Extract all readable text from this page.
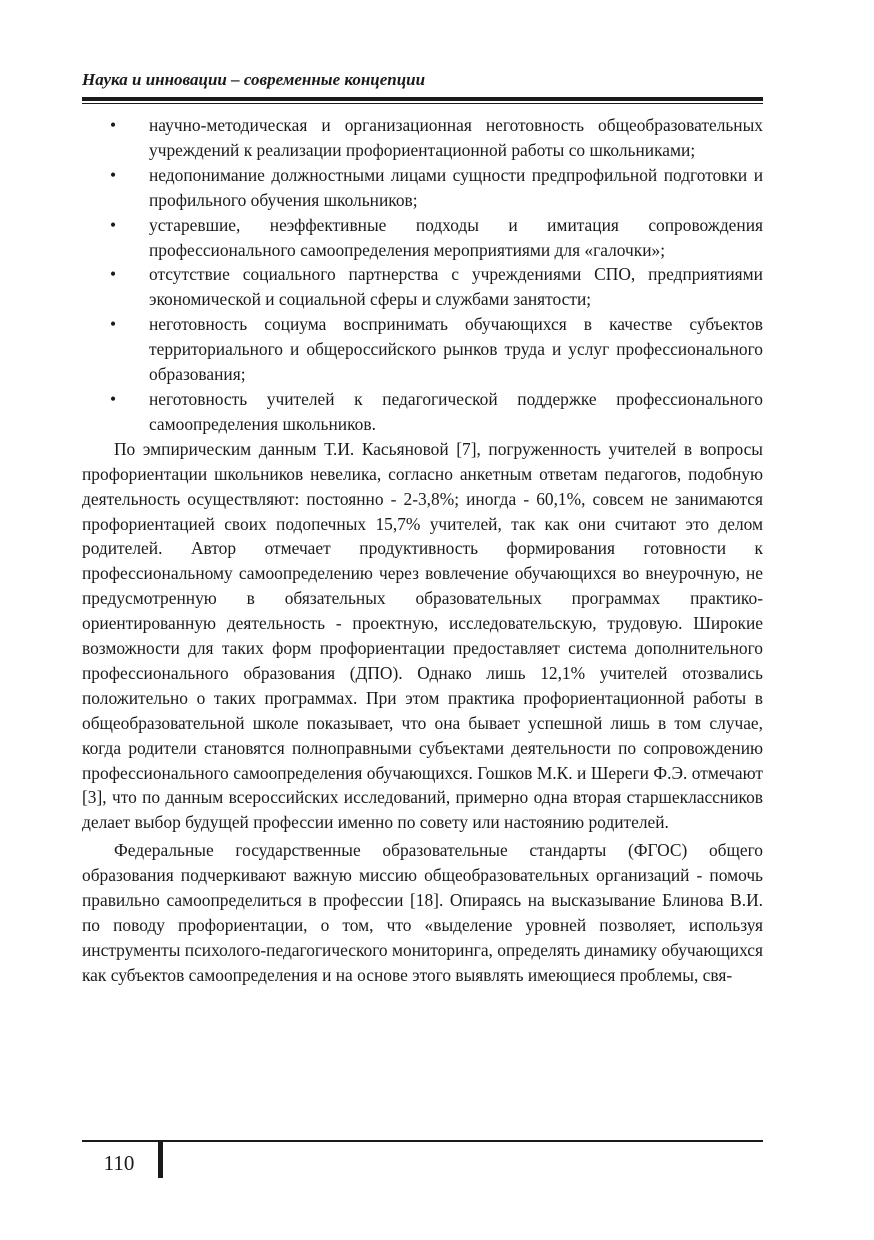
Наука и инновации – современные концепции
• научно-методическая и организационная неготовность общеобразовательных учреждений к реализации профориентационной работы со школьниками;
• недопонимание должностными лицами сущности предпрофильной подготовки и профильного обучения школьников;
• устаревшие, неэффективные подходы и имитация сопровождения профессионального самоопределения мероприятиями для «галочки»;
• отсутствие социального партнерства с учреждениями СПО, предприятиями экономической и социальной сферы и службами занятости;
• неготовность социума воспринимать обучающихся в качестве субъектов территориального и общероссийского рынков труда и услуг профессионального образования;
• неготовность учителей к педагогической поддержке профессионального самоопределения школьников.

По эмпирическим данным Т.И. Касьяновой [7], погруженность учителей в вопросы профориентации школьников невелика, согласно анкетным ответам педагогов, подобную деятельность осуществляют: постоянно - 2-3,8%; иногда - 60,1%, совсем не занимаются профориентацией своих подопечных 15,7% учителей, так как они считают это делом родителей. Автор отмечает продуктивность формирования готовности к профессиональному самоопределению через вовлечение обучающихся во внеурочную, не предусмотренную в обязательных образовательных программах практико-ориентированную деятельность - проектную, исследовательскую, трудовую. Широкие возможности для таких форм профориентации предоставляет система дополнительного профессионального образования (ДПО). Однако лишь 12,1% учителей отозвались положительно о таких программах. При этом практика профориентационной работы в общеобразовательной школе показывает, что она бывает успешной лишь в том случае, когда родители становятся полноправными субъектами деятельности по сопровождению профессионального самоопределения обучающихся. Гошков М.К. и Шереги Ф.Э. отмечают [3], что по данным всероссийских исследований, примерно одна вторая старшеклассников делает выбор будущей профессии именно по совету или настоянию родителей.

Федеральные государственные образовательные стандарты (ФГОС) общего образования подчеркивают важную миссию общеобразовательных организаций - помочь правильно самоопределиться в профессии [18]. Опираясь на высказывание Блинова В.И. по поводу профориентации, о том, что «выделение уровней позволяет, используя инструменты психолого-педагогического мониторинга, определять динамику обучающихся как субъектов самоопределения и на основе этого выявлять имеющиеся проблемы, свя-

110
